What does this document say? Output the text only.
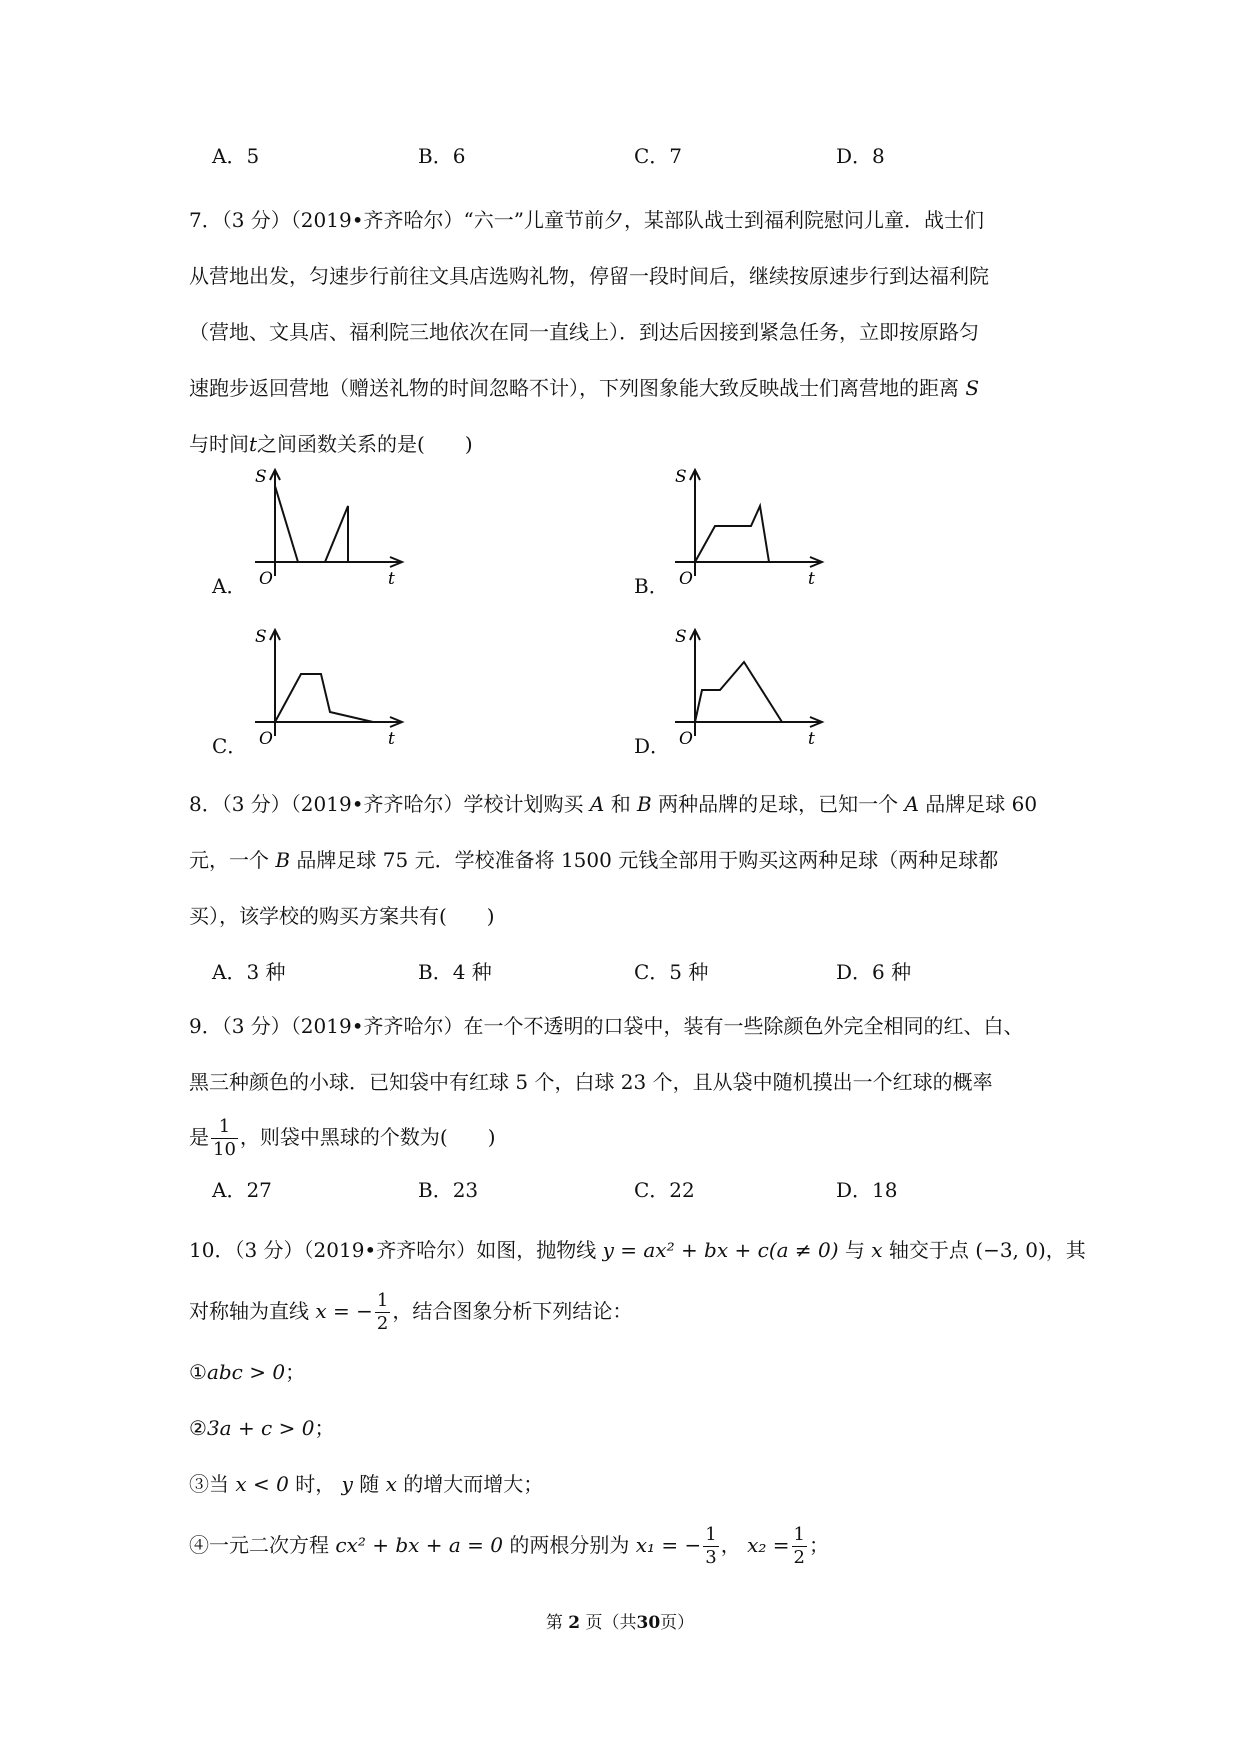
A．5	B．6	C．7	D．8
7．（3 分）（2019•齐齐哈尔）“六一”儿童节前夕，某部队战士到福利院慰问儿童．战士们
从营地出发，匀速步行前往文具店选购礼物，停留一段时间后，继续按原速步行到达福利院
（营地、文具店、福利院三地依次在同一直线上）．到达后因接到紧急任务，立即按原路匀
速跑步返回营地（赠送礼物的时间忽略不计），下列图象能大致反映战士们离营地的距离 S
与时间t之间函数关系的是(　　)
A．
S
O	t	B．
S
O	t
C．
S
O	t	D．
S
O	t
8．（3 分）（2019•齐齐哈尔）学校计划购买 A 和 B 两种品牌的足球，已知一个 A 品牌足球 60
元，一个 B 品牌足球 75 元．学校准备将 1500 元钱全部用于购买这两种足球（两种足球都
买），该学校的购买方案共有(　　)
A．3 种	B．4 种	C．5 种	D．6 种
9．（3 分）（2019•齐齐哈尔）在一个不透明的口袋中，装有一些除颜色外完全相同的红、白、
黑三种颜色的小球．已知袋中有红球 5 个，白球 23 个，且从袋中随机摸出一个红球的概率
是 $\frac{1}{10}$ ，则袋中黑球的个数为(　　)
A．27	B．23	C．22	D．18
10．（3 分）（2019•齐齐哈尔）如图，抛物线 y = ax² + bx + c(a ≠ 0) 与 x 轴交于点 (−3, 0)，其
对称轴为直线 x = − $\frac{1}{2}$ ，结合图象分析下列结论：
①abc > 0；
②3a + c > 0；
③当 x < 0 时， y 随 x 的增大而增大；
④一元二次方程 cx² + bx + a = 0 的两根分别为 x₁ = − $\frac{1}{3}$ ， $x_2 = \frac{1}{2}$ ；
第 2 页（共30页）
